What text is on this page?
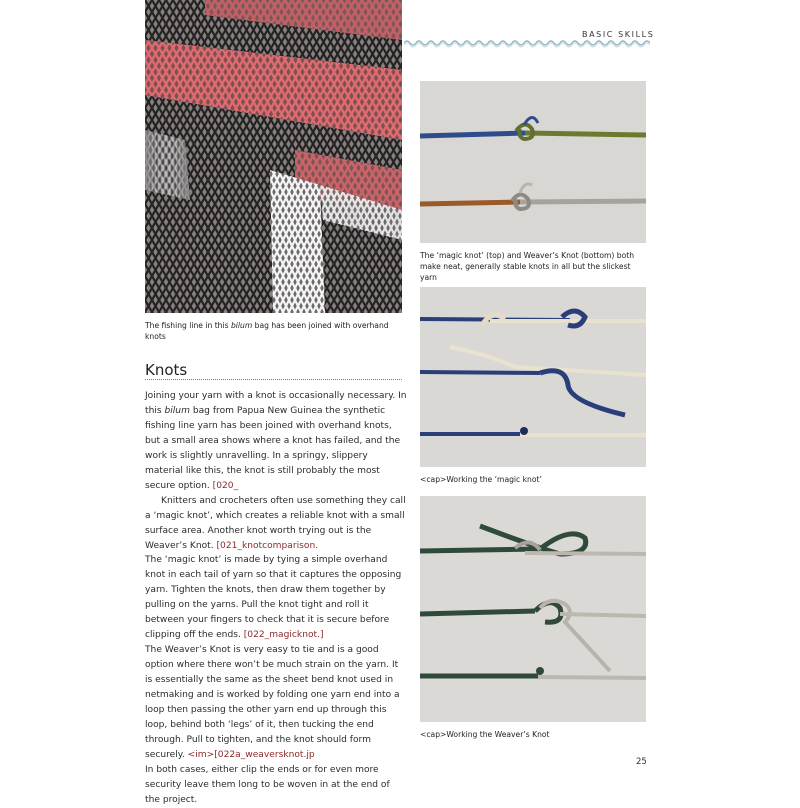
BASIC SKILLS
The fishing line in this bilum bag has been joined with overhand knots
The ‘magic knot’ (top) and Weaver’s Knot (bottom) both make neat, generally stable knots in all but the slickest yarn
<cap>Working the ‘magic knot’
<cap>Working the Weaver’s Knot
Knots

Joining your yarn with a knot is occasionally necessary. In this bilum bag from Papua New Guinea the synthetic fishing line yarn has been joined with overhand knots, but a small area shows where a knot has failed, and the work is slightly unravelling. In a springy, slippery material like this, the knot is still probably the most secure option. [020_

Knitters and crocheters often use something they call a ‘magic knot’, which creates a reliable knot with a small surface area. Another knot worth trying out is the Weaver’s Knot. [021_knotcomparison.

The ‘magic knot’ is made by tying a simple overhand knot in each tail of yarn so that it captures the opposing yarn. Tighten the knots, then draw them together by pulling on the yarns. Pull the knot tight and roll it between your fingers to check that it is secure before clipping off the ends. [022_magicknot.]

The Weaver’s Knot is very easy to tie and is a good option where there won’t be much strain on the yarn. It is essentially the same as the sheet bend knot used in netmaking and is worked by folding one yarn end into a loop then passing the other yarn end up through this loop, behind both ‘legs’ of it, then tucking the end through. Pull to tighten, and the knot should form securely. <im>[022a_weaversknot.jp

In both cases, either clip the ends or for even more security leave them long to be woven in at the end of the project.

25
